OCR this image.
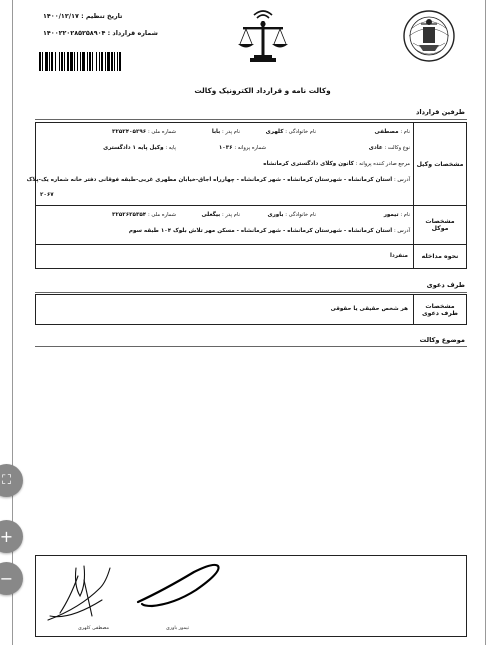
تاریخ تنظیم : ۱۴۰۰/۱۲/۱۷
شماره قرارداد : ۱۴۰۰۲۲۰۲۸۵۲۵۸۹۰۴
وکالت نامه و قرارداد الکترونیک وکالت
طرفین قرارداد
مشخصات وکیل
نام : مصطفی
نام خانوادگی : کلهری
نام پدر : بابا
شماره ملی : ۳۲۵۲۴۰۵۲۹۶
نوع وکالت : عادی
شماره پروانه : ۱۰۳۶
پایه : وکیل پایه ۱ دادگستری
مرجع صادر کننده پروانه : کانون وکلای دادگستری کرمانشاه
آدرس : استان کرمانشاه - شهرستان کرمانشاه - شهر کرمانشاه - چهارراه اجاق-خیابان مطهری غربی-طبقه فوقانی دفتر خانه شماره یک-پلاک
۲۰۶۷
مشخصات موکل
نام : تیمور
نام خانوادگی : باوری
نام پدر : بیگعلی
شماره ملی : ۳۲۵۲۶۲۵۳۵۴
آدرس : استان کرمانشاه - شهرستان کرمانشاه - شهر کرمانشاه - مسکن مهر تلاش بلوک ۱۰۴ طبقه سوم
نحوه مداخله
منفردا
طرف دعوی
مشخصات طرف دعوی
هر شخص حقیقی یا حقوقی
موضوع وکالت
مصطفی کلهری	تیمور باوری
⛶
+
−
